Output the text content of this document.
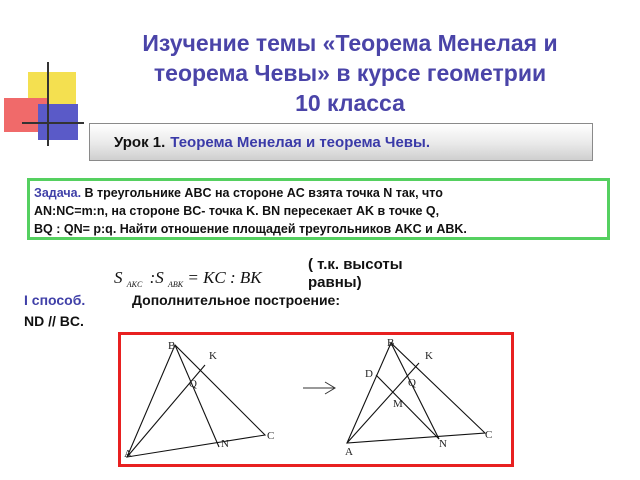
Изучение темы «Теорема Менелая и
теорема Чевы» в курсе геометрии
10 класса
Урок 1. Теорема Менелая и теорема Чевы.
Задача. В треугольнике ABC на стороне AC взята точка N так, что
AN:NC=m:n, на стороне BC- точка K. BN пересекает AK в точке Q,
BQ : QN= p:q. Найти отношение площадей треугольников AKC и ABK.
S $_{AKC}$ :S $_{ABK}$ = KC : BK
( т.к. высоты
равны)
I способ.	Дополнительное построение:
ND // BC.
B
K
Q
C
N
A
B
K
D
Q
M
C
N
A
